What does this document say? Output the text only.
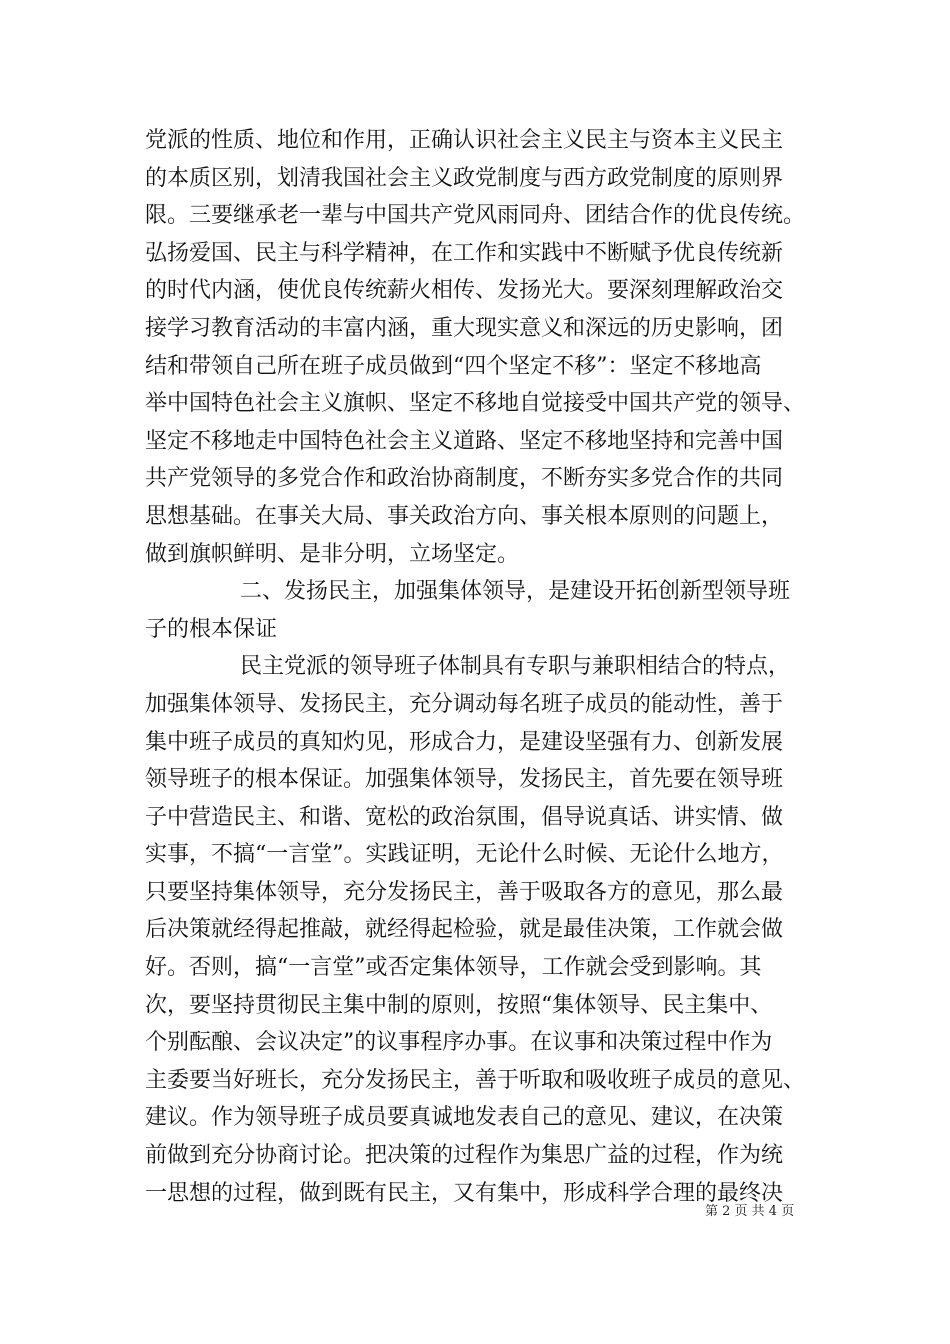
党派的性质、地位和作用，正确认识社会主义民主与资本主义民主
的本质区别，划清我国社会主义政党制度与西方政党制度的原则界
限。三要继承老一辈与中国共产党风雨同舟、团结合作的优良传统。
弘扬爱国、民主与科学精神，在工作和实践中不断赋予优良传统新
的时代内涵，使优良传统薪火相传、发扬光大。要深刻理解政治交
接学习教育活动的丰富内涵，重大现实意义和深远的历史影响，团
结和带领自己所在班子成员做到“四个坚定不移”：坚定不移地高
举中国特色社会主义旗帜、坚定不移地自觉接受中国共产党的领导、
坚定不移地走中国特色社会主义道路、坚定不移地坚持和完善中国
共产党领导的多党合作和政治协商制度，不断夯实多党合作的共同
思想基础。在事关大局、事关政治方向、事关根本原则的问题上，
做到旗帜鲜明、是非分明，立场坚定。
二、发扬民主，加强集体领导，是建设开拓创新型领导班
子的根本保证
民主党派的领导班子体制具有专职与兼职相结合的特点，
加强集体领导、发扬民主，充分调动每名班子成员的能动性，善于
集中班子成员的真知灼见，形成合力，是建设坚强有力、创新发展
领导班子的根本保证。加强集体领导，发扬民主，首先要在领导班
子中营造民主、和谐、宽松的政治氛围，倡导说真话、讲实情、做
实事，不搞“一言堂”。实践证明，无论什么时候、无论什么地方，
只要坚持集体领导，充分发扬民主，善于吸取各方的意见，那么最
后决策就经得起推敲，就经得起检验，就是最佳决策，工作就会做
好。否则，搞“一言堂”或否定集体领导，工作就会受到影响。其
次，要坚持贯彻民主集中制的原则，按照“集体领导、民主集中、
个别酝酿、会议决定”的议事程序办事。在议事和决策过程中作为
主委要当好班长，充分发扬民主，善于听取和吸收班子成员的意见、
建议。作为领导班子成员要真诚地发表自己的意见、建议，在决策
前做到充分协商讨论。把决策的过程作为集思广益的过程，作为统
一思想的过程，做到既有民主，又有集中，形成科学合理的最终决
第 2 页 共 4 页
